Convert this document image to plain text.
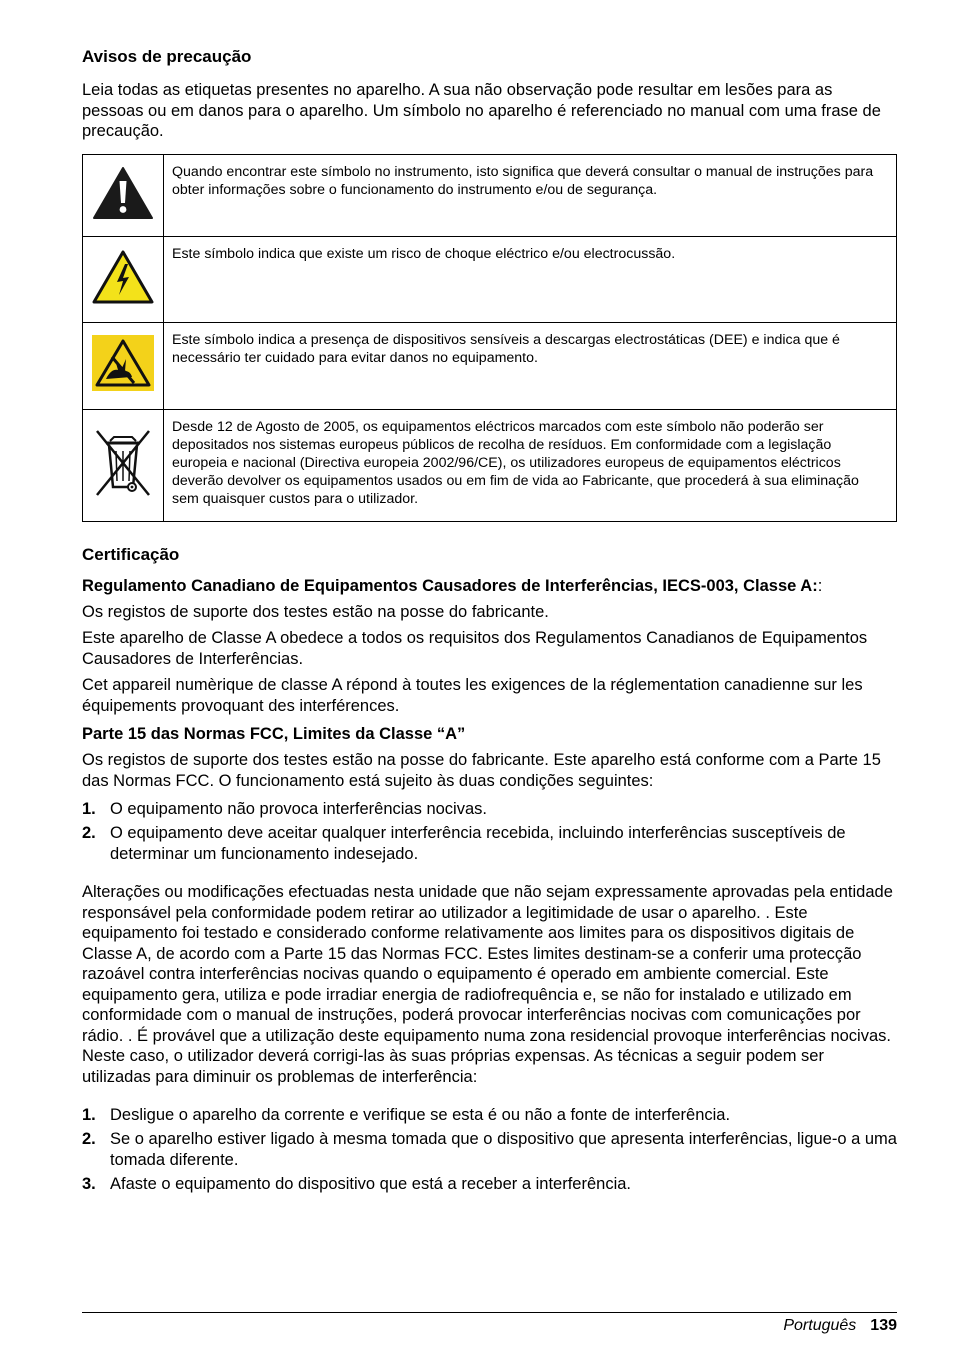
Avisos de precaução

Leia todas as etiquetas presentes no aparelho. A sua não observação pode resultar em lesões para as pessoas ou em danos para o aparelho. Um símbolo no aparelho é referenciado no manual com uma frase de precaução.

	Quando encontrar este símbolo no instrumento, isto significa que deverá consultar o manual de instruções para obter informações sobre o funcionamento do instrumento e/ou de segurança.
	Este símbolo indica que existe um risco de choque eléctrico e/ou electrocussão.
	Este símbolo indica a presença de dispositivos sensíveis a descargas electrostáticas (DEE) e indica que é necessário ter cuidado para evitar danos no equipamento.
	Desde 12 de Agosto de 2005, os equipamentos eléctricos marcados com este símbolo não poderão ser depositados nos sistemas europeus públicos de recolha de resíduos. Em conformidade com a legislação europeia e nacional (Directiva europeia 2002/96/CE), os utilizadores europeus de equipamentos eléctricos deverão devolver os equipamentos usados ou em fim de vida ao Fabricante, que procederá à sua eliminação sem quaisquer custos para o utilizador.
Certificação
Regulamento Canadiano de Equipamentos Causadores de Interferências, IECS-003, Classe A::

Os registos de suporte dos testes estão na posse do fabricante.

Este aparelho de Classe A obedece a todos os requisitos dos Regulamentos Canadianos de Equipamentos Causadores de Interferências.

Cet appareil numèrique de classe A répond à toutes les exigences de la réglementation canadienne sur les équipements provoquant des interférences.

Parte 15 das Normas FCC, Limites da Classe “A”

Os registos de suporte dos testes estão na posse do fabricante. Este aparelho está conforme com a Parte 15 das Normas FCC. O funcionamento está sujeito às duas condições seguintes:

1. O equipamento não provoca interferências nocivas.
2. O equipamento deve aceitar qualquer interferência recebida, incluindo interferências susceptíveis de determinar um funcionamento indesejado.

Alterações ou modificações efectuadas nesta unidade que não sejam expressamente aprovadas pela entidade responsável pela conformidade podem retirar ao utilizador a legitimidade de usar o aparelho. . Este equipamento foi testado e considerado conforme relativamente aos limites para os dispositivos digitais de Classe A, de acordo com a Parte 15 das Normas FCC. Estes limites destinam-se a conferir uma protecção razoável contra interferências nocivas quando o equipamento é operado em ambiente comercial. Este equipamento gera, utiliza e pode irradiar energia de radiofrequência e, se não for instalado e utilizado em conformidade com o manual de instruções, poderá provocar interferências nocivas com comunicações por rádio. . É provável que a utilização deste equipamento numa zona residencial provoque interferências nocivas. Neste caso, o utilizador deverá corrigi-las às suas próprias expensas. As técnicas a seguir podem ser utilizadas para diminuir os problemas de interferência:

1. Desligue o aparelho da corrente e verifique se esta é ou não a fonte de interferência.
2. Se o aparelho estiver ligado à mesma tomada que o dispositivo que apresenta interferências, ligue-o a uma tomada diferente.
3. Afaste o equipamento do dispositivo que está a receber a interferência.
Português 139
